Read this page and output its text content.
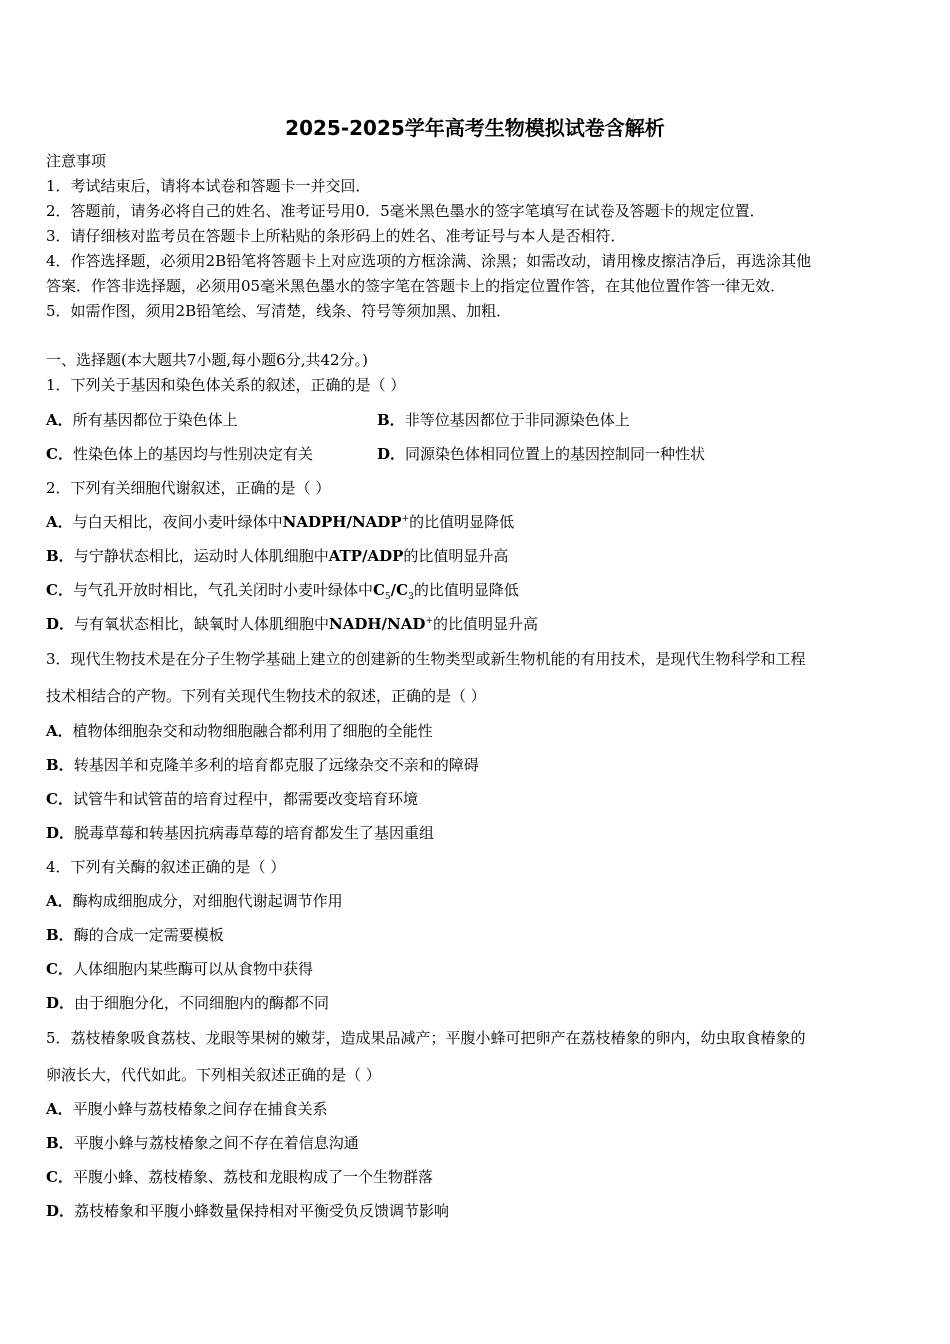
2025-2025学年高考生物模拟试卷含解析
注意事项
1．考试结束后，请将本试卷和答题卡一并交回．
2．答题前，请务必将自己的姓名、准考证号用0．5毫米黑色墨水的签字笔填写在试卷及答题卡的规定位置．
3．请仔细核对监考员在答题卡上所粘贴的条形码上的姓名、准考证号与本人是否相符．
4．作答选择题，必须用2B铅笔将答题卡上对应选项的方框涂满、涂黑；如需改动，请用橡皮擦洁净后，再选涂其他
答案．作答非选择题，必须用05毫米黑色墨水的签字笔在答题卡上的指定位置作答，在其他位置作答一律无效．
5．如需作图，须用2B铅笔绘、写清楚，线条、符号等须加黑、加粗．
一、选择题(本大题共7小题,每小题6分,共42分。)
1．下列关于基因和染色体关系的叙述，正确的是（ ）
A．所有基因都位于染色体上	B．非等位基因都位于非同源染色体上
C．性染色体上的基因均与性别决定有关	D．同源染色体相同位置上的基因控制同一种性状
2．下列有关细胞代谢叙述，正确的是（ ）
A．与白天相比，夜间小麦叶绿体中NADPH/NADP+的比值明显降低
B．与宁静状态相比，运动时人体肌细胞中ATP/ADP的比值明显升高
C．与气孔开放时相比，气孔关闭时小麦叶绿体中$C_5/C_3$的比值明显降低
D．与有氧状态相比，缺氧时人体肌细胞中NADH/NAD+的比值明显升高
3．现代生物技术是在分子生物学基础上建立的创建新的生物类型或新生物机能的有用技术，是现代生物科学和工程
技术相结合的产物。下列有关现代生物技术的叙述，正确的是（ ）
A．植物体细胞杂交和动物细胞融合都利用了细胞的全能性
B．转基因羊和克隆羊多利的培育都克服了远缘杂交不亲和的障碍
C．试管牛和试管苗的培育过程中，都需要改变培育环境
D．脱毒草莓和转基因抗病毒草莓的培育都发生了基因重组
4．下列有关酶的叙述正确的是（ ）
A．酶构成细胞成分，对细胞代谢起调节作用
B．酶的合成一定需要模板
C．人体细胞内某些酶可以从食物中获得
D．由于细胞分化，不同细胞内的酶都不同
5．荔枝椿象吸食荔枝、龙眼等果树的嫩芽，造成果品减产；平腹小蜂可把卵产在荔枝椿象的卵内，幼虫取食椿象的
卵液长大，代代如此。下列相关叙述正确的是（ ）
A．平腹小蜂与荔枝椿象之间存在捕食关系
B．平腹小蜂与荔枝椿象之间不存在着信息沟通
C．平腹小蜂、荔枝椿象、荔枝和龙眼构成了一个生物群落
D．荔枝椿象和平腹小蜂数量保持相对平衡受负反馈调节影响
